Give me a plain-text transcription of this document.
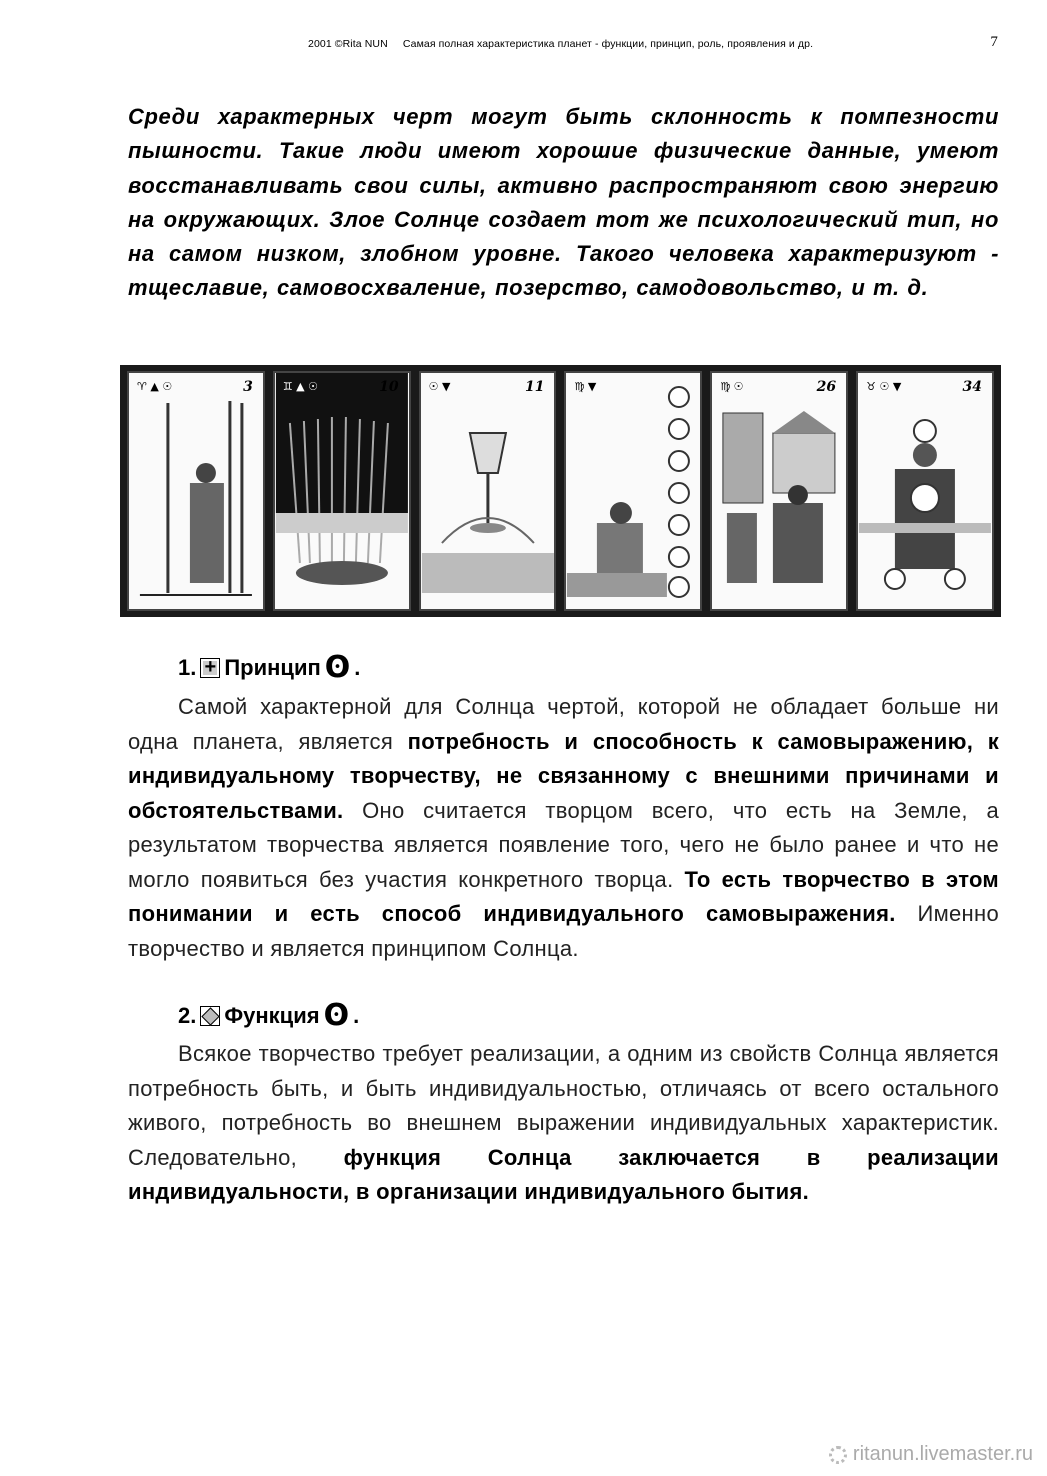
2001 ©Rita NUN     Самая полная характеристика планет - функции, принцип, роль, проявления и др.	7
Среди характерных черт могут быть склонность к помпезности пышности. Такие люди имеют хорошие физические данные, умеют восстанавливать свои силы, активно распространяют свою энергию на окружающих. Злое Солнце создает тот же психологический тип, но на самом низком, злобном уровне. Такого человека характеризуют - тщеславие, самовосхваление, позерство, самодовольство, и т. д.
♈ ▲ ☉	3	♊ ▲ ☉	10	☉ ▼	11	♍ ▼	♍ ☉	26	♉ ☉ ▼	34
1.
+ Принцип ʘ .
Самой характерной для Солнца чертой, которой не обладает больше ни одна планета, является потребность и способность к самовыражению, к индивидуальному творчеству, не связанному с внешними причинами и обстоятельствами. Оно считается творцом всего, что есть на Земле, а результатом творчества является появление того, чего не было ранее и что не могло появиться без участия конкретного творца. То есть творчество в этом понимании и есть способ индивидуального самовыражения. Именно творчество и является принципом Солнца.
2. Функция ʘ .
Всякое творчество требует реализации, а одним из свойств Солнца является потребность быть, и быть индивидуальностью, отличаясь от всего остального живого, потребность во внешнем выражении индивидуальных характеристик. Следовательно, функция Солнца заключается в реализации индивидуальности, в организации индивидуального бытия.
ritanun.livemaster.ru
